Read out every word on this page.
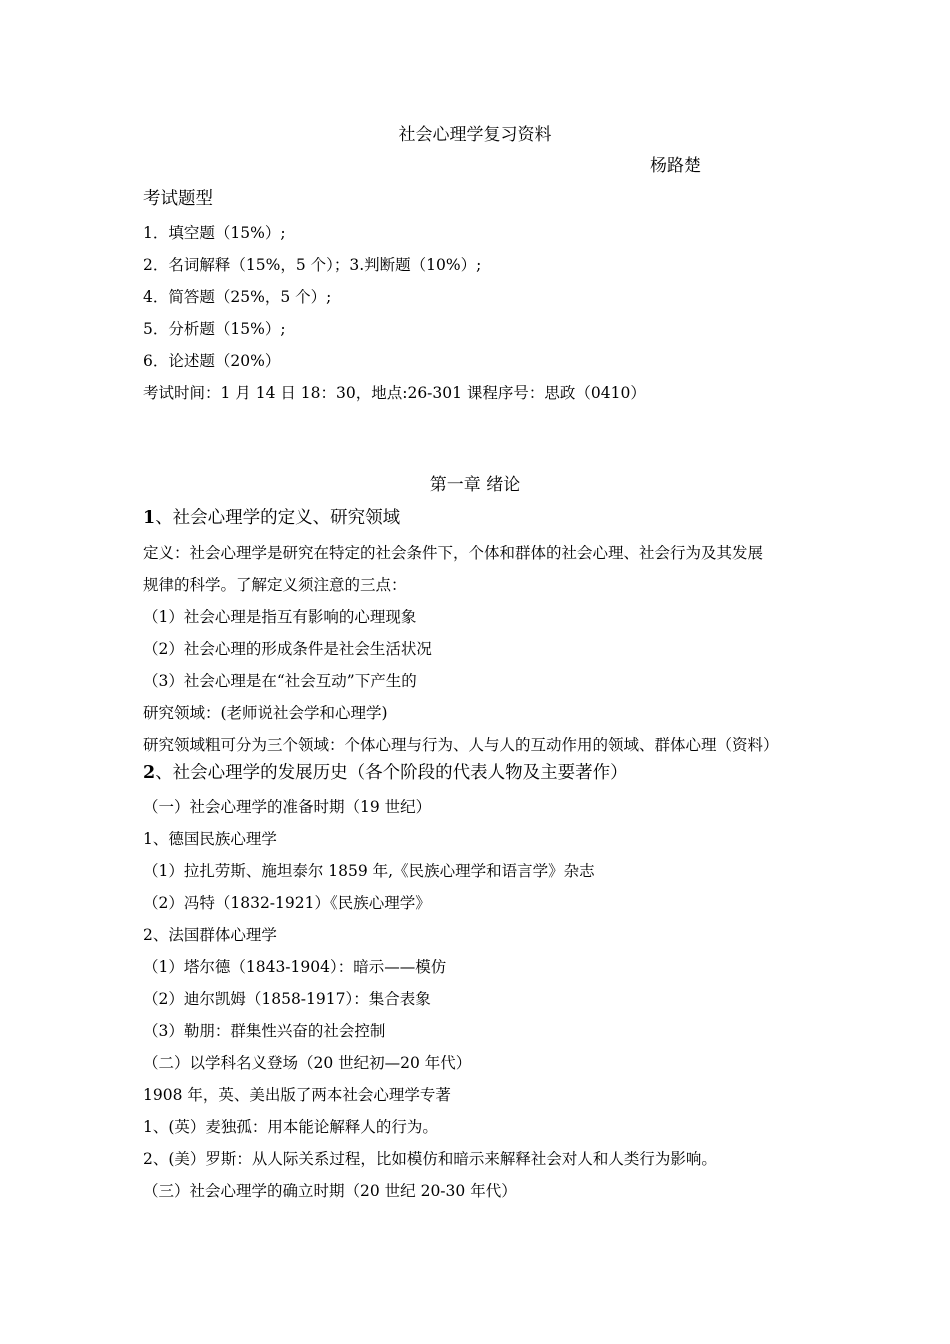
社会心理学复习资料
杨路楚
考试题型
1．填空题（15%）;
2．名词解释（15%，5 个）；3.判断题（10%）;
4．简答题（25%，5 个）;
5．分析题（15%）;
6．论述题（20%）
考试时间：1 月 14 日 18：30，地点:26-301 课程序号：思政（0410）
第一章 绪论
1、社会心理学的定义、研究领域
定义：社会心理学是研究在特定的社会条件下，个体和群体的社会心理、社会行为及其发展
规律的科学。了解定义须注意的三点：
（1）社会心理是指互有影响的心理现象
（2）社会心理的形成条件是社会生活状况
（3）社会心理是在“社会互动”下产生的
研究领域：(老师说社会学和心理学)
研究领域粗可分为三个领域：个体心理与行为、人与人的互动作用的领域、群体心理（资料）
2、社会心理学的发展历史（各个阶段的代表人物及主要著作）
（一）社会心理学的准备时期（19 世纪）
1、德国民族心理学
（1）拉扎劳斯、施坦泰尔 1859 年,《民族心理学和语言学》杂志
（2）冯特（1832-1921）《民族心理学》
2、法国群体心理学
（1）塔尔德（1843-1904）：暗示——模仿
（2）迪尔凯姆（1858-1917）：集合表象
（3）勒朋：群集性兴奋的社会控制
（二）以学科名义登场（20 世纪初—20 年代）
1908 年，英、美出版了两本社会心理学专著
1、(英）麦独孤：用本能论解释人的行为。
2、(美）罗斯：从人际关系过程，比如模仿和暗示来解释社会对人和人类行为影响。
（三）社会心理学的确立时期（20 世纪 20-30 年代）
